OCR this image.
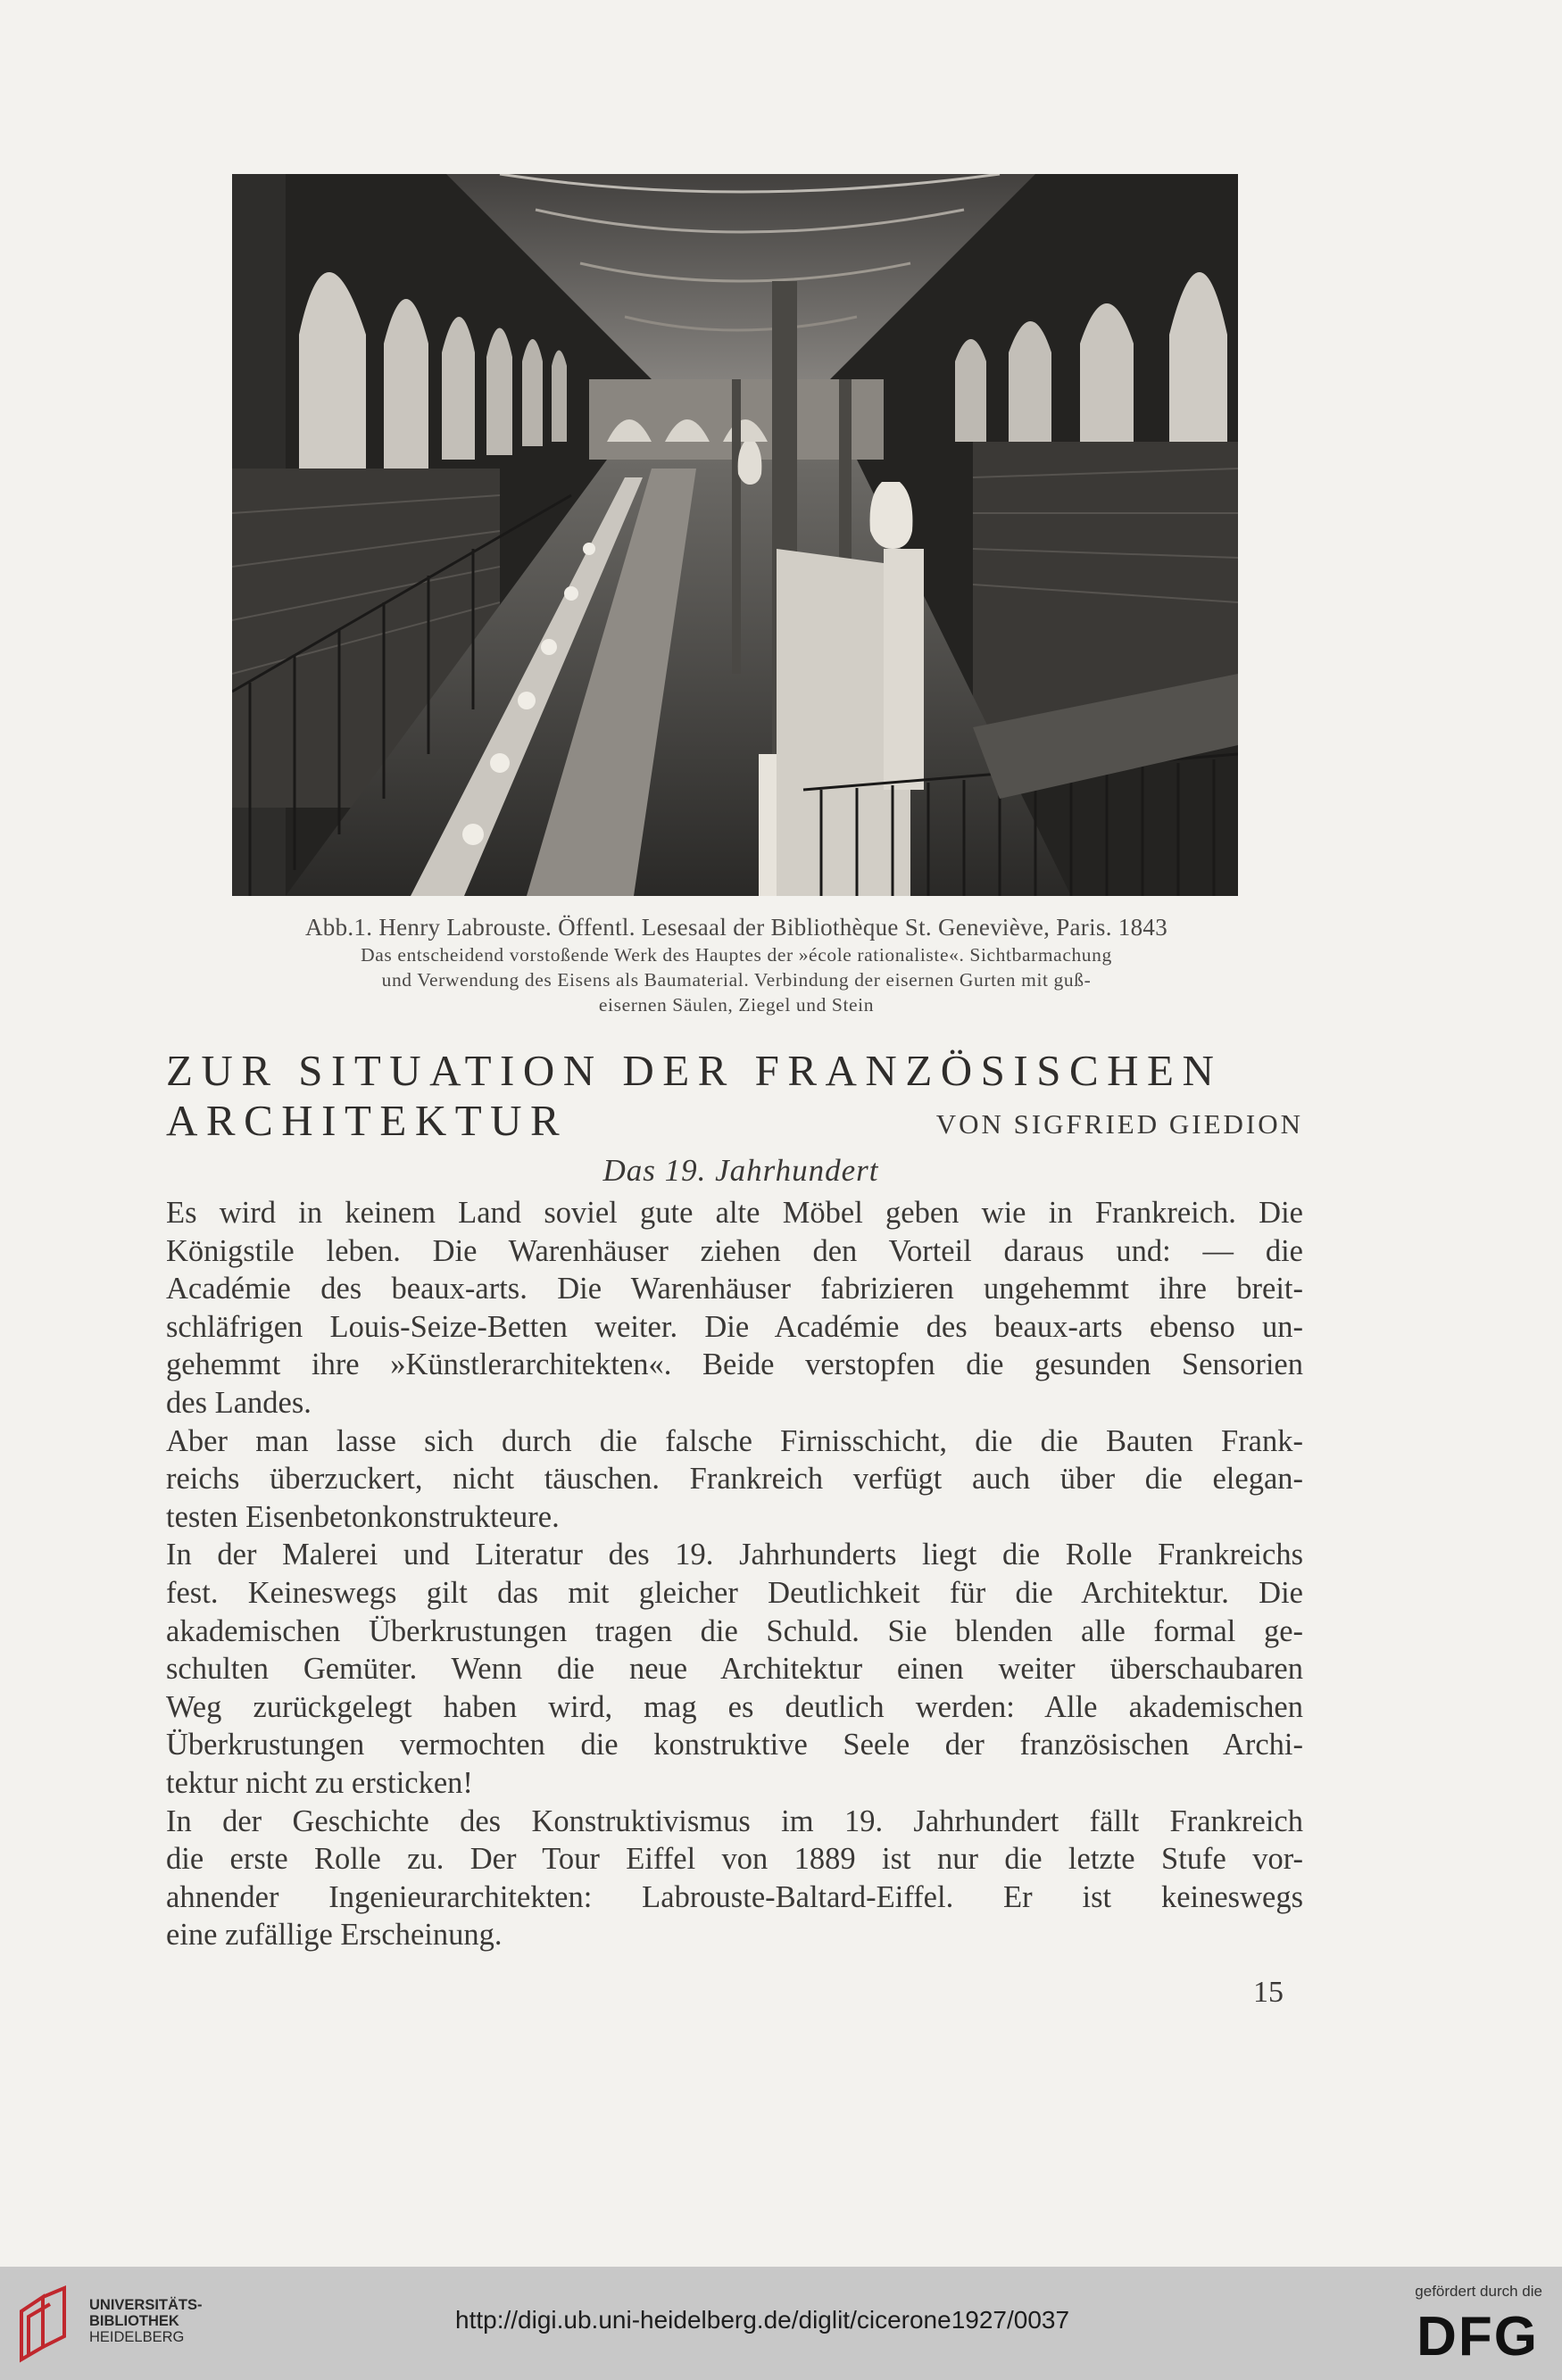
Abb.1. Henry Labrouste. Öffentl. Lesesaal der Bibliothèque St. Geneviève, Paris. 1843
Das entscheidend vorstoßende Werk des Hauptes der »école rationaliste«. Sichtbarmachung
und Verwendung des Eisens als Baumaterial. Verbindung der eisernen Gurten mit guß-
eisernen Säulen, Ziegel und Stein
ZUR SITUATION DER FRANZÖSISCHEN
ARCHITEKTUR	VON SIGFRIED GIEDION
Das 19. Jahrhundert
Es wird in keinem Land soviel gute alte Möbel geben wie in Frankreich. Die
Königstile leben. Die Warenhäuser ziehen den Vorteil daraus und: — die
Académie des beaux-arts. Die Warenhäuser fabrizieren ungehemmt ihre breit-
schläfrigen Louis-Seize-Betten weiter. Die Académie des beaux-arts ebenso un-
gehemmt ihre »Künstlerarchitekten«. Beide verstopfen die gesunden Sensorien
des Landes.
Aber man lasse sich durch die falsche Firnisschicht, die die Bauten Frank-
reichs überzuckert, nicht täuschen. Frankreich verfügt auch über die elegan-
testen Eisenbetonkonstrukteure.
In der Malerei und Literatur des 19. Jahrhunderts liegt die Rolle Frankreichs
fest. Keineswegs gilt das mit gleicher Deutlichkeit für die Architektur. Die
akademischen Überkrustungen tragen die Schuld. Sie blenden alle formal ge-
schulten Gemüter. Wenn die neue Architektur einen weiter überschaubaren
Weg zurückgelegt haben wird, mag es deutlich werden: Alle akademischen
Überkrustungen vermochten die konstruktive Seele der französischen Archi-
tektur nicht zu ersticken!
In der Geschichte des Konstruktivismus im 19. Jahrhundert fällt Frankreich
die erste Rolle zu. Der Tour Eiffel von 1889 ist nur die letzte Stufe vor-
ahnender Ingenieurarchitekten: Labrouste-Baltard-Eiffel. Er ist keineswegs
eine zufällige Erscheinung.
15
UNIVERSITÄTS-
BIBLIOTHEK
HEIDELBERG
http://digi.ub.uni-heidelberg.de/diglit/cicerone1927/0037
gefördert durch die
DFG
